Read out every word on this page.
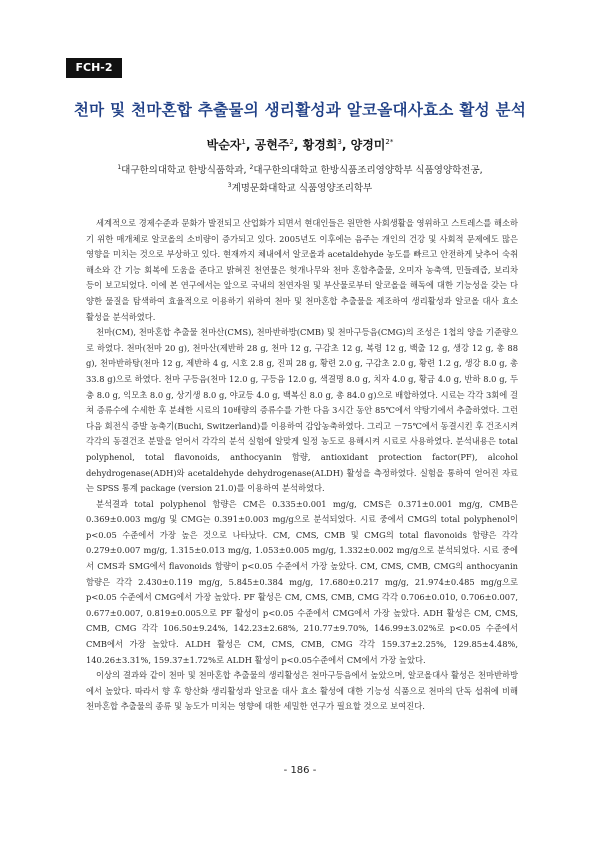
FCH-2
천마 및 천마혼합 추출물의 생리활성과 알코올대사효소 활성 분석
박순자$^1$, 공현주$^2$, 황경희$^3$, 양경미$^{2*}$
$^1$대구한의대학교 한방식품학과, $^2$대구한의대학교 한방식품조리영양학부 식품영양학전공,
$^3$계명문화대학교 식품영양조리학부

세계적으로 경제수준과 문화가 발전되고 산업화가 되면서 현대인들은 원만한 사회생활을 영위하고 스트레스를 해소하기 위한 매개체로 알코올의 소비량이 증가되고 있다. 2005년도 이후에는 음주는 개인의 건강 및 사회적 문제에도 많은 영향을 미치는 것으로 부상하고 있다. 현재까지 체내에서 알코올과 acetaldehyde 농도를 빠르고 안전하게 낮추어 숙취 해소와 간 기능 회복에 도움을 준다고 밝혀진 천연물은 헛개나무와 천마 혼합추출물, 오미자 농축액, 민들레즙, 보리차 등이 보고되었다. 이에 본 연구에서는 앞으로 국내의 천연자원 및 부산물로부터 알코올을 해독에 대한 기능성을 갖는 다양한 물질을 탐색하여 효율적으로 이용하기 위하여 천마 및 천마혼합 추출물을 제조하여 생리활성과 알코올 대사 효소 활성을 분석하였다.

천마(CM), 천마혼합 추출물 천마산(CMS), 천마반하방(CMB) 및 천마구등음(CMG)의 조성은 1첩의 양을 기준량으로 하였다. 천마(천마 20 g), 천마산(제반하 28 g, 천마 12 g, 구감초 12 g, 복령 12 g, 백출 12 g, 생강 12 g, 총 88 g), 천마반하탕(천마 12 g, 제반하 4 g, 시호 2.8 g, 진피 28 g, 황련 2.0 g, 구감초 2.0 g, 황련 1.2 g, 생강 8.0 g, 총 33.8 g)으로 하였다. 천마 구등음(천마 12.0 g, 구등음 12.0 g, 색결명 8.0 g, 치자 4.0 g, 황금 4.0 g, 반하 8.0 g, 두충 8.0 g, 익모초 8.0 g, 상기생 8.0 g, 야교등 4.0 g, 백복신 8.0 g, 총 84.0 g)으로 배합하였다. 시료는 각각 3회에 걸쳐 증류수에 수세한 후 분쇄한 시료의 10배량의 증류수를 가한 다음 3시간 동안 85℃에서 약탕기에서 추출하였다. 그런 다음 회전식 증발 농축기(Buchi, Switzerland)를 이용하여 감압농축하였다. 그리고 －75℃에서 동결시킨 후 건조시켜 각각의 동결건조 분말을 얻어서 각각의 분석 실험에 알맞게 일정 농도로 용해시켜 시료로 사용하였다. 분석내용은 total polyphenol, total flavonoids, anthocyanin 함량, antioxidant protection factor(PF), alcohol dehydrogenase(ADH)와 acetaldehyde dehydrogenase(ALDH) 활성을 측정하였다. 실험을 통하여 얻어진 자료는 SPSS 통계 package (version 21.0)를 이용하여 분석하였다.

분석결과 total polyphenol 함량은 CM은 0.335±0.001 mg/g, CMS은 0.371±0.001 mg/g, CMB은 0.369±0.003 mg/g 및 CMG는 0.391±0.003 mg/g으로 분석되었다. 시료 중에서 CMG의 total polyphenol이 p<0.05 수준에서 가장 높은 것으로 나타났다. CM, CMS, CMB 및 CMG의 total flavonoids 함량은 각각 0.279±0.007 mg/g, 1.315±0.013 mg/g, 1.053±0.005 mg/g, 1.332±0.002 mg/g으로 분석되었다. 시료 중에서 CMS과 SMG에서 flavonoids 함량이 p<0.05 수준에서 가장 높았다. CM, CMS, CMB, CMG의 anthocyanin 함량은 각각 2.430±0.119 mg/g, 5.845±0.384 mg/g, 17.680±0.217 mg/g, 21.974±0.485 mg/g으로 p<0.05 수준에서 CMG에서 가장 높았다. PF 활성은 CM, CMS, CMB, CMG 각각 0.706±0.010, 0.706±0.007, 0.677±0.007, 0.819±0.005으로 PF 활성이 p<0.05 수준에서 CMG에서 가장 높았다. ADH 활성은 CM, CMS, CMB, CMG 각각 106.50±9.24%, 142.23±2.68%, 210.77±9.70%, 146.99±3.02%로 p<0.05 수준에서 CMB에서 가장 높았다. ALDH 활성은 CM, CMS, CMB, CMG 각각 159.37±2.25%, 129.85±4.48%, 140.26±3.31%, 159.37±1.72%로 ALDH 활성이 p<0.05수준에서 CM에서 가장 높았다.

이상의 결과와 같이 천마 및 천마혼합 추출물의 생리활성은 천마구등음에서 높았으며, 알코올대사 활성은 천마반하방에서 높았다. 따라서 향 후 항산화 생리활성과 알코올 대사 효소 활성에 대한 기능성 식품으로 천마의 단독 섭취에 비해 천마혼합 추출물의 종류 및 농도가 미치는 영향에 대한 세밀한 연구가 필요할 것으로 보여진다.

- 186 -
